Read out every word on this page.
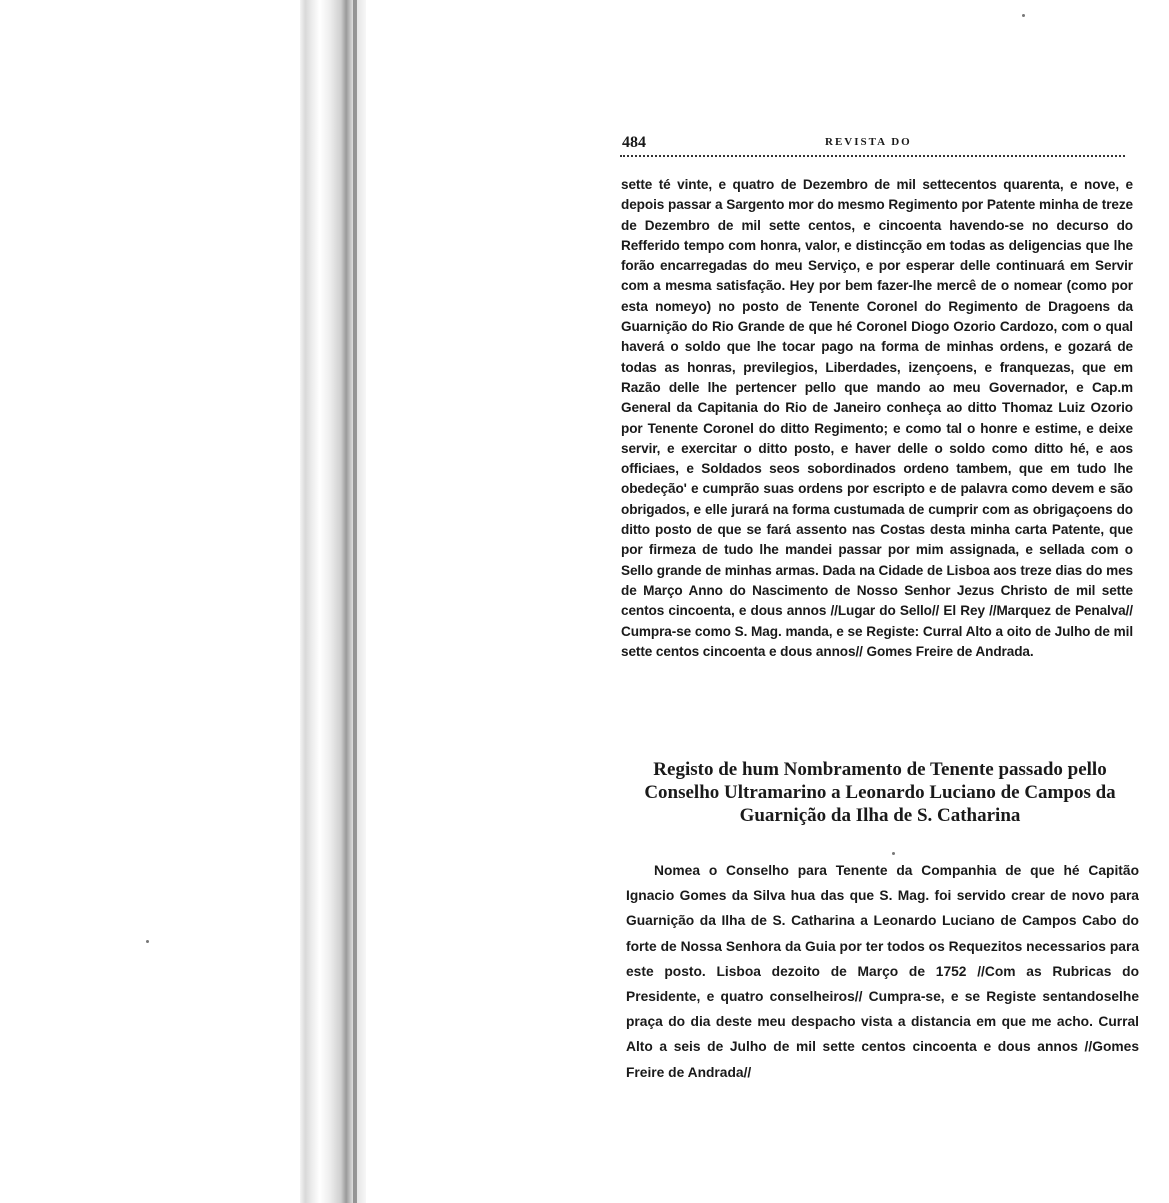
484	REVISTA DO

sette té vinte, e quatro de Dezembro de mil settecentos quarenta, e nove, e depois passar a Sargento mor do mesmo Regimento por Patente minha de treze de Dezembro de mil sette centos, e cincoenta havendo-se no decurso do Refferido tempo com honra, valor, e distincção em todas as deligencias que lhe forão encarregadas do meu Serviço, e por esperar delle continuará em Servir com a mesma satisfação. Hey por bem fazer-lhe mercê de o nomear (como por esta nomeyo) no posto de Tenente Coronel do Regimento de Dragoens da Guarnição do Rio Grande de que hé Coronel Diogo Ozorio Cardozo, com o qual haverá o soldo que lhe tocar pago na forma de minhas ordens, e gozará de todas as honras, previlegios, Liberdades, izençoens, e franquezas, que em Razão delle lhe pertencer pello que mando ao meu Governador, e Cap.m General da Capitania do Rio de Janeiro conheça ao ditto Thomaz Luiz Ozorio por Tenente Coronel do ditto Regimento; e como tal o honre e estime, e deixe servir, e exercitar o ditto posto, e haver delle o soldo como ditto hé, e aos officiaes, e Soldados seos sobordinados ordeno tambem, que em tudo lhe obedeção' e cumprão suas ordens por escripto e de palavra como devem e são obrigados, e elle jurará na forma custumada de cumprir com as obrigaçoens do ditto posto de que se fará assento nas Costas desta minha carta Patente, que por firmeza de tudo lhe mandei passar por mim assignada, e sellada com o Sello grande de minhas armas. Dada na Cidade de Lisboa aos treze dias do mes de Março Anno do Nascimento de Nosso Senhor Jezus Christo de mil sette centos cincoenta, e dous annos //Lugar do Sello// El Rey //Marquez de Penalva// Cumpra-se como S. Mag. manda, e se Registe: Curral Alto a oito de Julho de mil sette centos cincoenta e dous annos// Gomes Freire de Andrada.

Registo de hum Nombramento de Tenente passado pello Conselho Ultramarino a Leonardo Luciano de Campos da Guarnição da Ilha de S. Catharina

Nomea o Conselho para Tenente da Companhia de que hé Capitão Ignacio Gomes da Silva hua das que S. Mag. foi servido crear de novo para Guarnição da Ilha de S. Catharina a Leonardo Luciano de Campos Cabo do forte de Nossa Senhora da Guia por ter todos os Requezitos necessarios para este posto. Lisboa dezoito de Março de 1752 //Com as Rubricas do Presidente, e quatro conselheiros// Cumpra-se, e se Registe sentandoselhe praça do dia deste meu despacho vista a distancia em que me acho. Curral Alto a seis de Julho de mil sette centos cincoenta e dous annos //Gomes Freire de Andrada//
